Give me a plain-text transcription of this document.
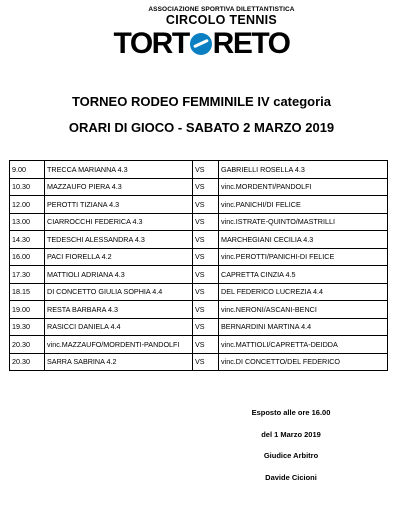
ASSOCIAZIONE SPORTIVA DILETTANTISTICA
CIRCOLO TENNIS
TORT RETO
TORNEO RODEO FEMMINILE IV categoria
ORARI DI GIOCO - SABATO 2 MARZO 2019
9.00	TRECCA MARIANNA 4.3	VS	GABRIELLI ROSELLA 4.3
10.30	MAZZAUFO PIERA 4.3	VS	vinc.MORDENTI/PANDOLFI
12.00	PEROTTI TIZIANA 4.3	VS	vinc.PANICHI/DI FELICE
13.00	CIARROCCHI FEDERICA 4.3	VS	vinc.ISTRATE-QUINTO/MASTRILLI
14.30	TEDESCHI ALESSANDRA 4.3	VS	MARCHEGIANI CECILIA 4.3
16.00	PACI FIORELLA 4.2	VS	vinc.PEROTTI/PANICHI-DI FELICE
17.30	MATTIOLI ADRIANA 4.3	VS	CAPRETTA CINZIA 4.5
18.15	DI CONCETTO GIULIA SOPHIA 4.4	VS	DEL FEDERICO LUCREZIA 4.4
19.00	RESTA BARBARA 4.3	VS	vinc.NERONI/ASCANI-BENCI
19.30	RASICCI DANIELA 4.4	VS	BERNARDINI MARTINA 4.4
20.30	vinc.MAZZAUFO/MORDENTI-PANDOLFI	VS	vinc.MATTIOLI/CAPRETTA-DEIDDA
20.30	SARRA SABRINA 4.2	VS	vinc.DI CONCETTO/DEL FEDERICO
Esposto alle ore 16.00
del 1 Marzo 2019
Giudice Arbitro
Davide Cicioni
